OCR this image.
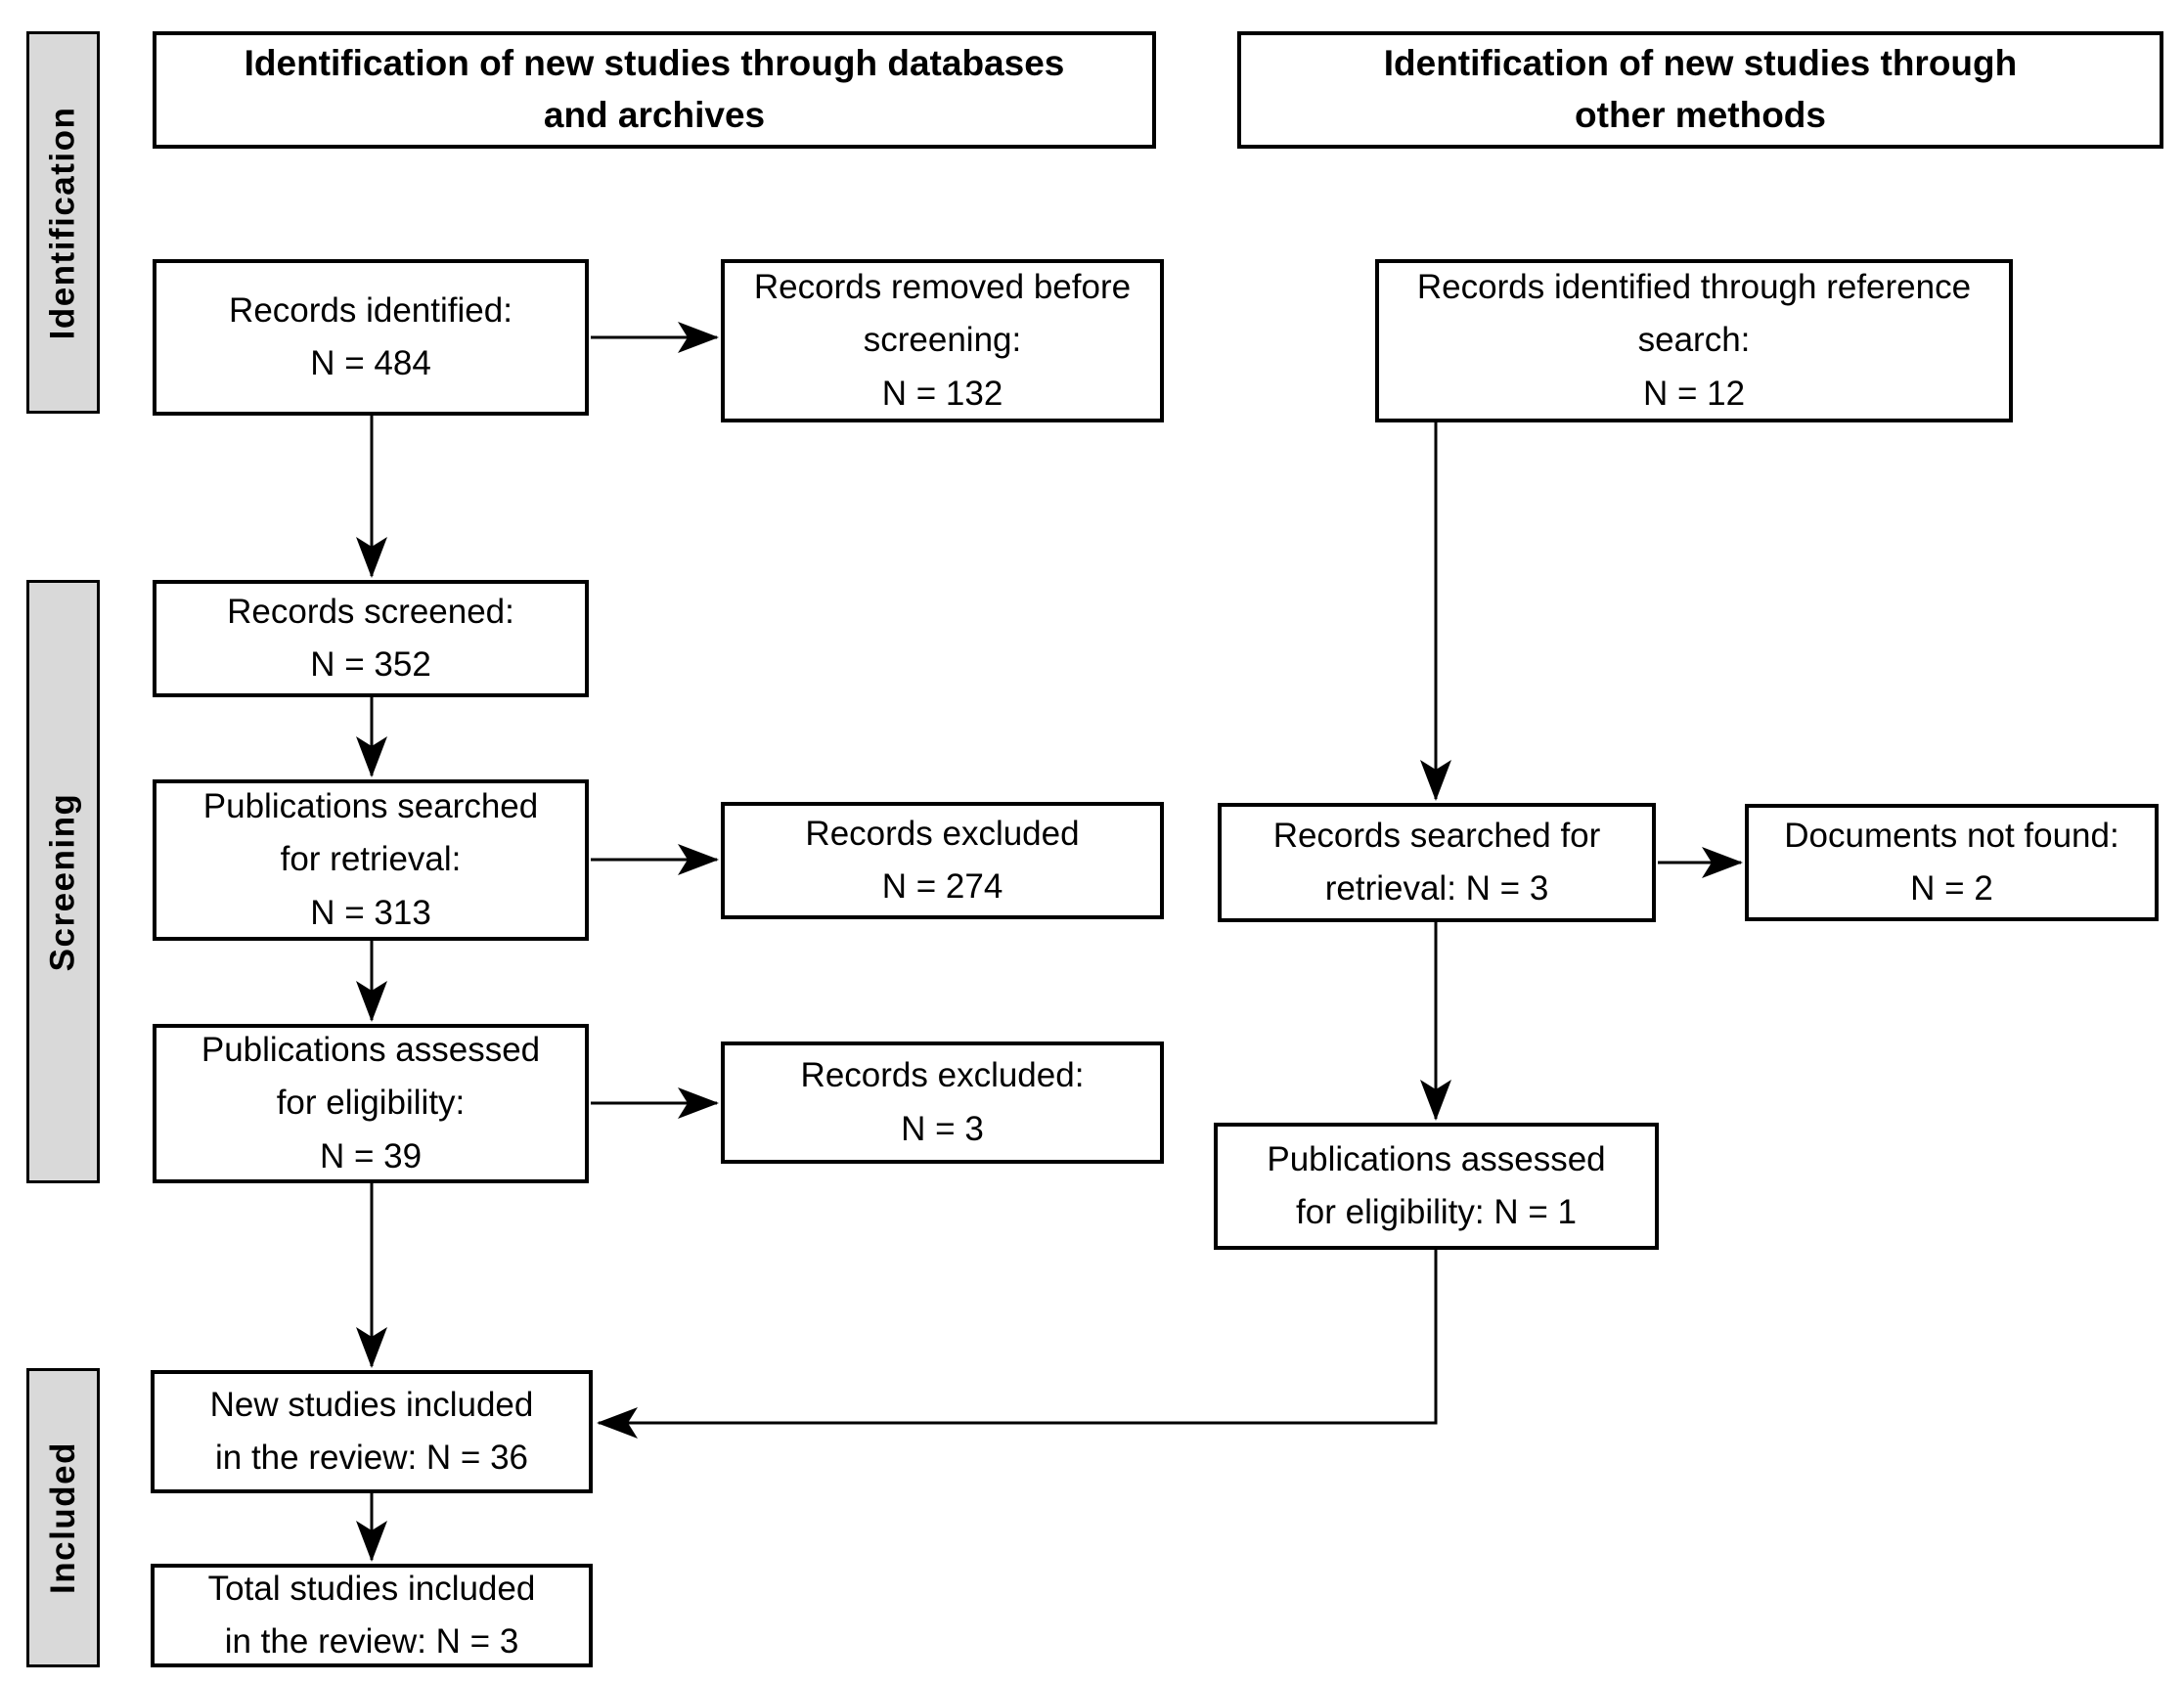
Identification
Screening
Included
Identification of new studies through databases
and archives
Identification of new studies through
other methods
Records identified:
N = 484
Records removed before
screening:
N = 132
Records screened:
N = 352
Publications searched
for retrieval:
N = 313
Records excluded
N = 274
Publications assessed
for eligibility:
N = 39
Records excluded:
N = 3
New studies included
in the review: N = 36
Total studies included
in the review: N = 3
Records identified through reference
search:
N = 12
Records searched for
retrieval: N = 3
Documents not found:
N = 2
Publications assessed
for eligibility: N = 1
